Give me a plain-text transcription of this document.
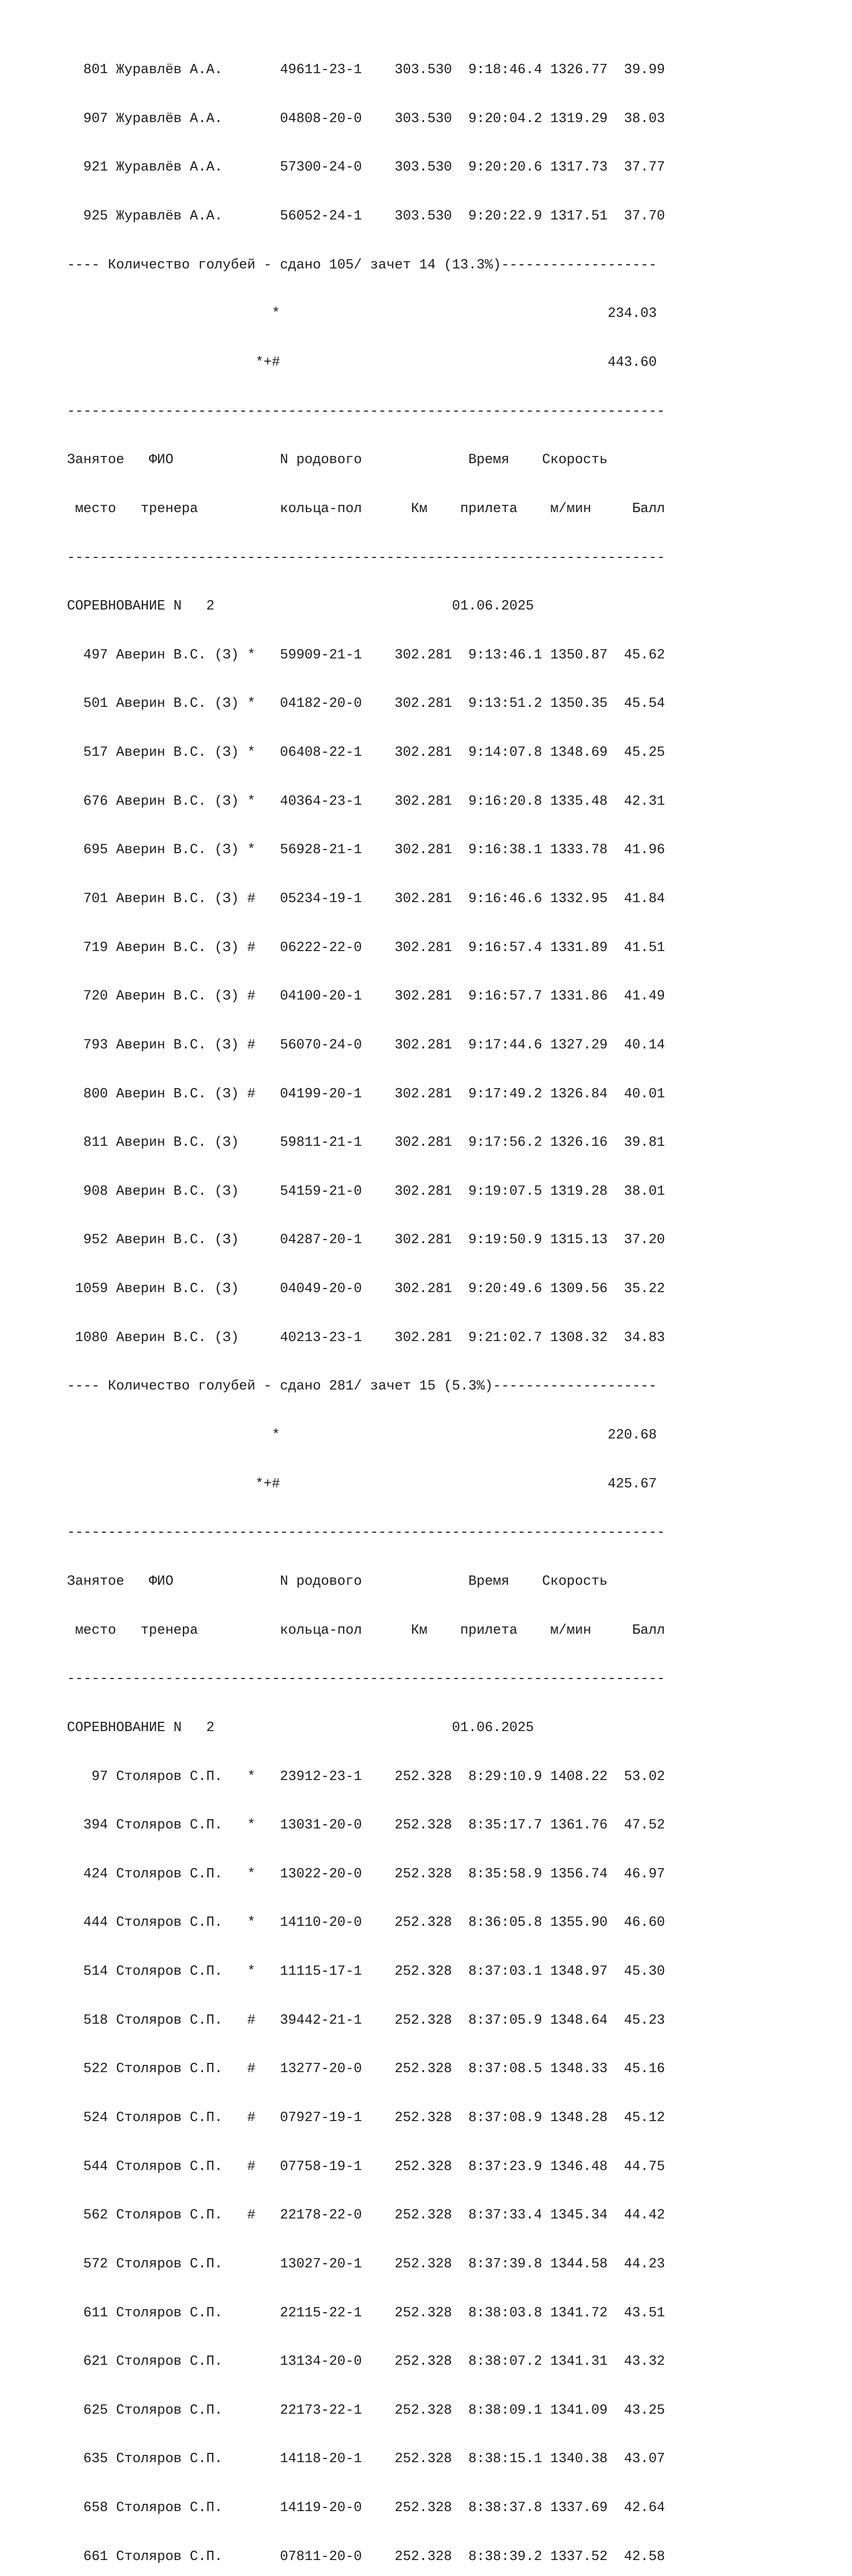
801 Журавлёв А.А.       49611-23-1    303.530  9:18:46.4 1326.77  39.99

907 Журавлёв А.А.       04808-20-0    303.530  9:20:04.2 1319.29  38.03

921 Журавлёв А.А.       57300-24-0    303.530  9:20:20.6 1317.73  37.77

925 Журавлёв А.А.       56052-24-1    303.530  9:20:22.9 1317.51  37.70

---- Количество голубей - сдано 105/ зачет 14 (13.3%)-------------------

*                                        234.03

*+#                                        443.60

-------------------------------------------------------------------------

Занятое   ФИО             N родового             Время    Скорость

место   тренера          кольца-пол      Км    прилета    м/мин     Балл

-------------------------------------------------------------------------

СОРЕВНОВАНИЕ N   2                             01.06.2025

497 Аверин В.С. (З) *   59909-21-1    302.281  9:13:46.1 1350.87  45.62

501 Аверин В.С. (З) *   04182-20-0    302.281  9:13:51.2 1350.35  45.54

517 Аверин В.С. (З) *   06408-22-1    302.281  9:14:07.8 1348.69  45.25

676 Аверин В.С. (З) *   40364-23-1    302.281  9:16:20.8 1335.48  42.31

695 Аверин В.С. (З) *   56928-21-1    302.281  9:16:38.1 1333.78  41.96

701 Аверин В.С. (З) #   05234-19-1    302.281  9:16:46.6 1332.95  41.84

719 Аверин В.С. (З) #   06222-22-0    302.281  9:16:57.4 1331.89  41.51

720 Аверин В.С. (З) #   04100-20-1    302.281  9:16:57.7 1331.86  41.49

793 Аверин В.С. (З) #   56070-24-0    302.281  9:17:44.6 1327.29  40.14

800 Аверин В.С. (З) #   04199-20-1    302.281  9:17:49.2 1326.84  40.01

811 Аверин В.С. (З)     59811-21-1    302.281  9:17:56.2 1326.16  39.81

908 Аверин В.С. (З)     54159-21-0    302.281  9:19:07.5 1319.28  38.01

952 Аверин В.С. (З)     04287-20-1    302.281  9:19:50.9 1315.13  37.20

1059 Аверин В.С. (З)     04049-20-0    302.281  9:20:49.6 1309.56  35.22

1080 Аверин В.С. (З)     40213-23-1    302.281  9:21:02.7 1308.32  34.83

---- Количество голубей - сдано 281/ зачет 15 (5.3%)--------------------

*                                        220.68

*+#                                        425.67

-------------------------------------------------------------------------

Занятое   ФИО             N родового             Время    Скорость

место   тренера          кольца-пол      Км    прилета    м/мин     Балл

-------------------------------------------------------------------------

СОРЕВНОВАНИЕ N   2                             01.06.2025

97 Столяров С.П.   *   23912-23-1    252.328  8:29:10.9 1408.22  53.02

394 Столяров С.П.   *   13031-20-0    252.328  8:35:17.7 1361.76  47.52

424 Столяров С.П.   *   13022-20-0    252.328  8:35:58.9 1356.74  46.97

444 Столяров С.П.   *   14110-20-0    252.328  8:36:05.8 1355.90  46.60

514 Столяров С.П.   *   11115-17-1    252.328  8:37:03.1 1348.97  45.30

518 Столяров С.П.   #   39442-21-1    252.328  8:37:05.9 1348.64  45.23

522 Столяров С.П.   #   13277-20-0    252.328  8:37:08.5 1348.33  45.16

524 Столяров С.П.   #   07927-19-1    252.328  8:37:08.9 1348.28  45.12

544 Столяров С.П.   #   07758-19-1    252.328  8:37:23.9 1346.48  44.75

562 Столяров С.П.   #   22178-22-0    252.328  8:37:33.4 1345.34  44.42

572 Столяров С.П.       13027-20-1    252.328  8:37:39.8 1344.58  44.23

611 Столяров С.П.       22115-22-1    252.328  8:38:03.8 1341.72  43.51

621 Столяров С.П.       13134-20-0    252.328  8:38:07.2 1341.31  43.32

625 Столяров С.П.       22173-22-1    252.328  8:38:09.1 1341.09  43.25

635 Столяров С.П.       14118-20-1    252.328  8:38:15.1 1340.38  43.07

658 Столяров С.П.       14119-20-0    252.328  8:38:37.8 1337.69  42.64

661 Столяров С.П.       07811-20-0    252.328  8:38:39.2 1337.52  42.58
